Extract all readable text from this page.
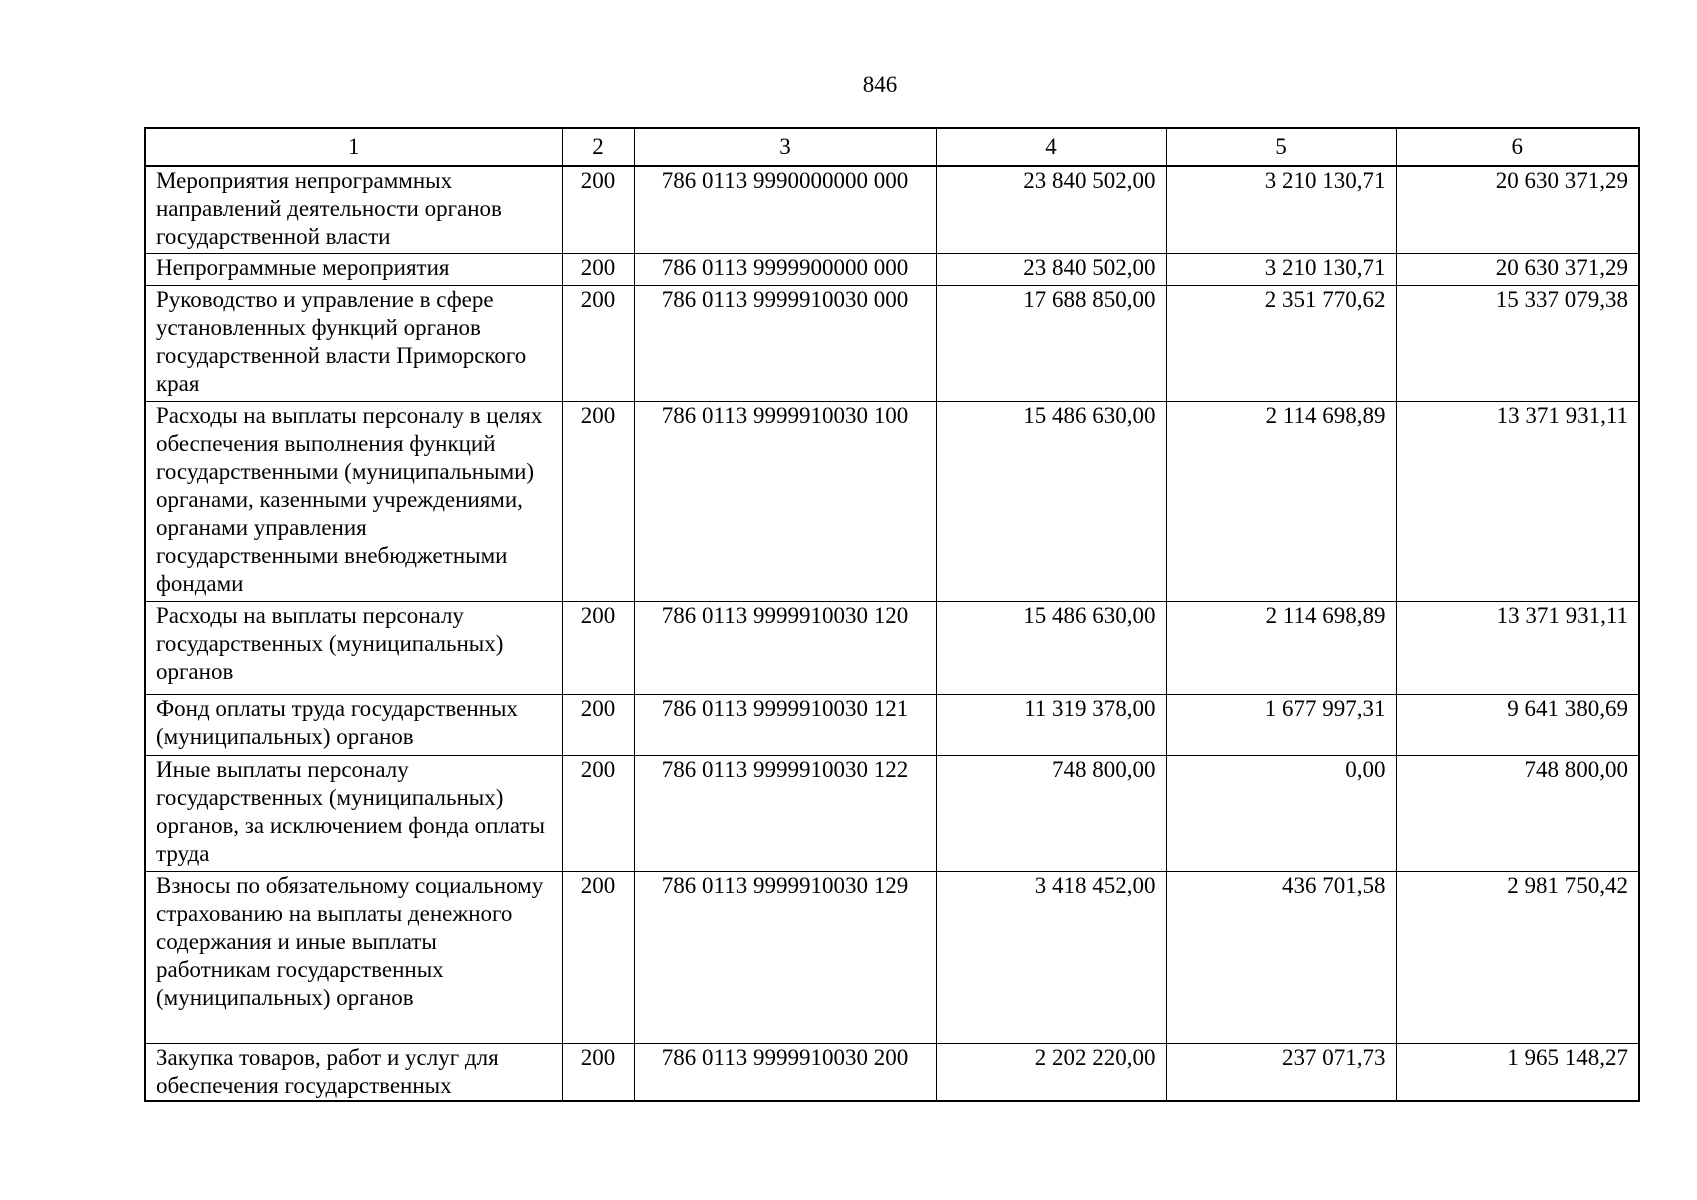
846
1	2	3	4	5	6
Мероприятия непрограммных направлений деятельности органов государственной власти	200	786 0113 9990000000 000	23 840 502,00	3 210 130,71	20 630 371,29
Непрограммные мероприятия	200	786 0113 9999900000 000	23 840 502,00	3 210 130,71	20 630 371,29
Руководство и управление в сфере установленных функций органов государственной власти Приморского края	200	786 0113 9999910030 000	17 688 850,00	2 351 770,62	15 337 079,38
Расходы на выплаты персоналу в целях обеспечения выполнения функций государственными (муниципальными) органами, казенными учреждениями, органами управления государственными внебюджетными фондами	200	786 0113 9999910030 100	15 486 630,00	2 114 698,89	13 371 931,11
Расходы на выплаты персоналу государственных (муниципальных) органов	200	786 0113 9999910030 120	15 486 630,00	2 114 698,89	13 371 931,11
Фонд оплаты труда государственных (муниципальных) органов	200	786 0113 9999910030 121	11 319 378,00	1 677 997,31	9 641 380,69
Иные выплаты персоналу государственных (муниципальных) органов, за исключением фонда оплаты труда	200	786 0113 9999910030 122	748 800,00	0,00	748 800,00
Взносы по обязательному социальному страхованию на выплаты денежного содержания и иные выплаты работникам государственных (муниципальных) органов	200	786 0113 9999910030 129	3 418 452,00	436 701,58	2 981 750,42
Закупка товаров, работ и услуг для обеспечения государственных	200	786 0113 9999910030 200	2 202 220,00	237 071,73	1 965 148,27
